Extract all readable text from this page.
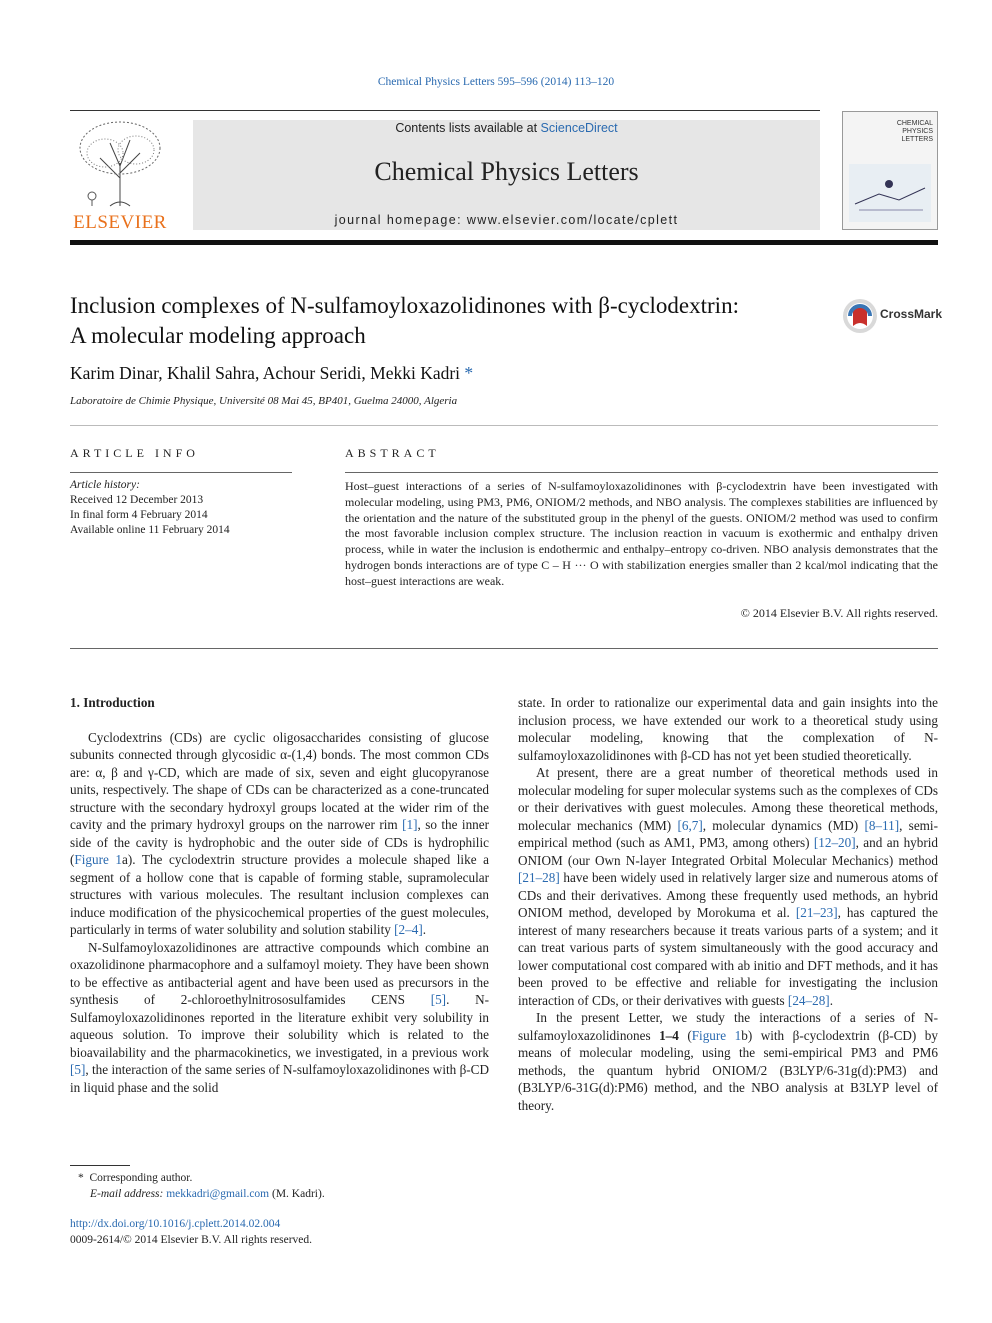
Chemical Physics Letters 595–596 (2014) 113–120
ELSEVIER
Contents lists available at ScienceDirect
Chemical Physics Letters
journal homepage: www.elsevier.com/locate/cplett
CHEMICAL
PHYSICS
LETTERS
Inclusion complexes of N-sulfamoyloxazolidinones with β-cyclodextrin:
A molecular modeling approach
CrossMark
Karim Dinar, Khalil Sahra, Achour Seridi, Mekki Kadri *
Laboratoire de Chimie Physique, Université 08 Mai 45, BP401, Guelma 24000, Algeria
ARTICLE INFO
Article history:
Received 12 December 2013
In final form 4 February 2014
Available online 11 February 2014
ABSTRACT
Host–guest interactions of a series of N-sulfamoyloxazolidinones with β-cyclodextrin have been investigated with molecular modeling, using PM3, PM6, ONIOM/2 methods, and NBO analysis. The complexes stabilities are influenced by the orientation and the nature of the substituted group in the phenyl of the guests. ONIOM/2 method was used to confirm the most favorable inclusion complex structure. The inclusion reaction in vacuum is exothermic and enthalpy driven process, while in water the inclusion is endothermic and enthalpy–entropy co-driven. NBO analysis demonstrates that the hydrogen bonds interactions are of type C – H ··· O with stabilization energies smaller than 2 kcal/mol indicating that the host–guest interactions are weak.
© 2014 Elsevier B.V. All rights reserved.

1. Introduction

Cyclodextrins (CDs) are cyclic oligosaccharides consisting of glucose subunits connected through glycosidic α-(1,4) bonds. The most common CDs are: α, β and γ-CD, which are made of six, seven and eight glucopyranose units, respectively. The shape of CDs can be characterized as a cone-truncated structure with the secondary hydroxyl groups located at the wider rim of the cavity and the primary hydroxyl groups on the narrower rim [1], so the inner side of the cavity is hydrophobic and the outer side of CDs is hydrophilic (Figure 1a). The cyclodextrin structure provides a molecule shaped like a segment of a hollow cone that is capable of forming stable, supramolecular structures with various molecules. The resultant inclusion complexes can induce modification of the physicochemical properties of the guest molecules, particularly in terms of water solubility and solution stability [2–4].

N-Sulfamoyloxazolidinones are attractive compounds which combine an oxazolidinone pharmacophore and a sulfamoyl moiety. They have been shown to be effective as antibacterial agent and have been used as precursors in the synthesis of 2-chloroethylnitrososulfamides CENS [5]. N-Sulfamoyloxazolidinones reported in the literature exhibit very solubility in aqueous solution. To improve their solubility which is related to the bioavailability and the pharmacokinetics, we investigated, in a previous work [5], the interaction of the same series of N-sulfamoyloxazolidinones with β-CD in liquid phase and the solid

* Corresponding author.
E-mail address: mekkadri@gmail.com (M. Kadri).
http://dx.doi.org/10.1016/j.cplett.2014.02.004
0009-2614/© 2014 Elsevier B.V. All rights reserved.

state. In order to rationalize our experimental data and gain insights into the inclusion process, we have extended our work to a theoretical study using molecular modeling, knowing that the complexation of N-sulfamoyloxazolidinones with β-CD has not yet been studied theoretically.

At present, there are a great number of theoretical methods used in molecular modeling for super molecular systems such as the complexes of CDs or their derivatives with guest molecules. Among these theoretical methods, molecular mechanics (MM) [6,7], molecular dynamics (MD) [8–11], semi-empirical method (such as AM1, PM3, among others) [12–20], and an hybrid ONIOM (our Own N-layer Integrated Orbital Molecular Mechanics) method [21–28] have been widely used in relatively larger size and numerous atoms of CDs and their derivatives. Among these frequently used methods, an hybrid ONIOM method, developed by Morokuma et al. [21–23], has captured the interest of many researchers because it treats various parts of a system; and it can treat various parts of system simultaneously with the good accuracy and lower computational cost compared with ab initio and DFT methods, and it has been proved to be effective and reliable for investigating the inclusion interaction of CDs, or their derivatives with guests [24–28].

In the present Letter, we study the interactions of a series of N-sulfamoyloxazolidinones 1–4 (Figure 1b) with β-cyclodextrin (β-CD) by means of molecular modeling, using the semi-empirical PM3 and PM6 methods, the quantum hybrid ONIOM/2 (B3LYP/6-31g(d):PM3) and (B3LYP/6-31G(d):PM6) method, and the NBO analysis at B3LYP level of theory.
